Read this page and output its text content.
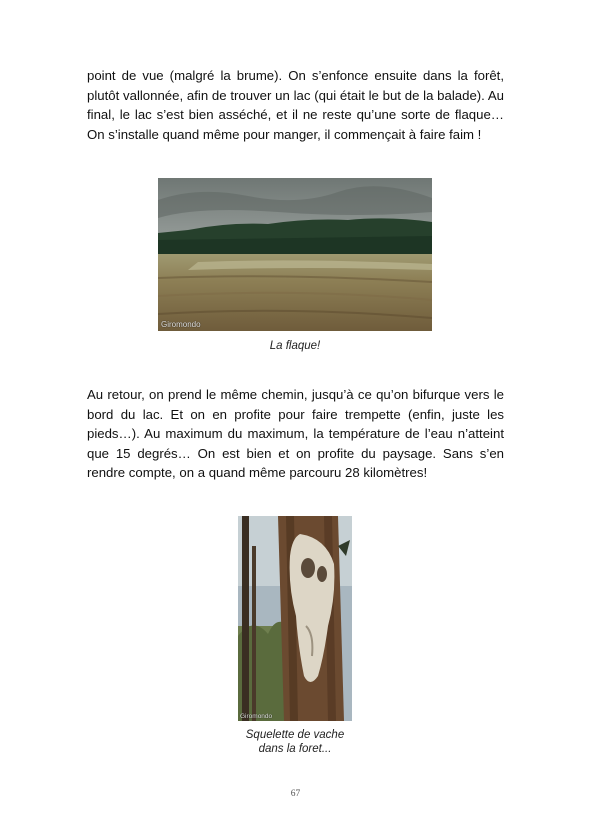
point de vue (malgré la brume). On s’enfonce ensuite dans la forêt, plutôt vallonnée, afin de trouver un lac (qui était le but de la balade). Au final, le lac s’est bien asséché, et il ne reste qu’une sorte de flaque… On s’installe quand même pour manger, il commençait à faire faim !

Giromondo
La flaque!

Au retour, on prend le même chemin, jusqu’à ce qu’on bifurque vers le bord du lac. Et on en profite pour faire trempette (enfin, juste les pieds…). Au maximum du maximum, la température de l’eau n’atteint que 15 degrés… On est bien et on profite du paysage. Sans s’en rendre compte, on a quand même parcouru 28 kilomètres!

Giromondo
Squelette de vache
dans la foret...
67
